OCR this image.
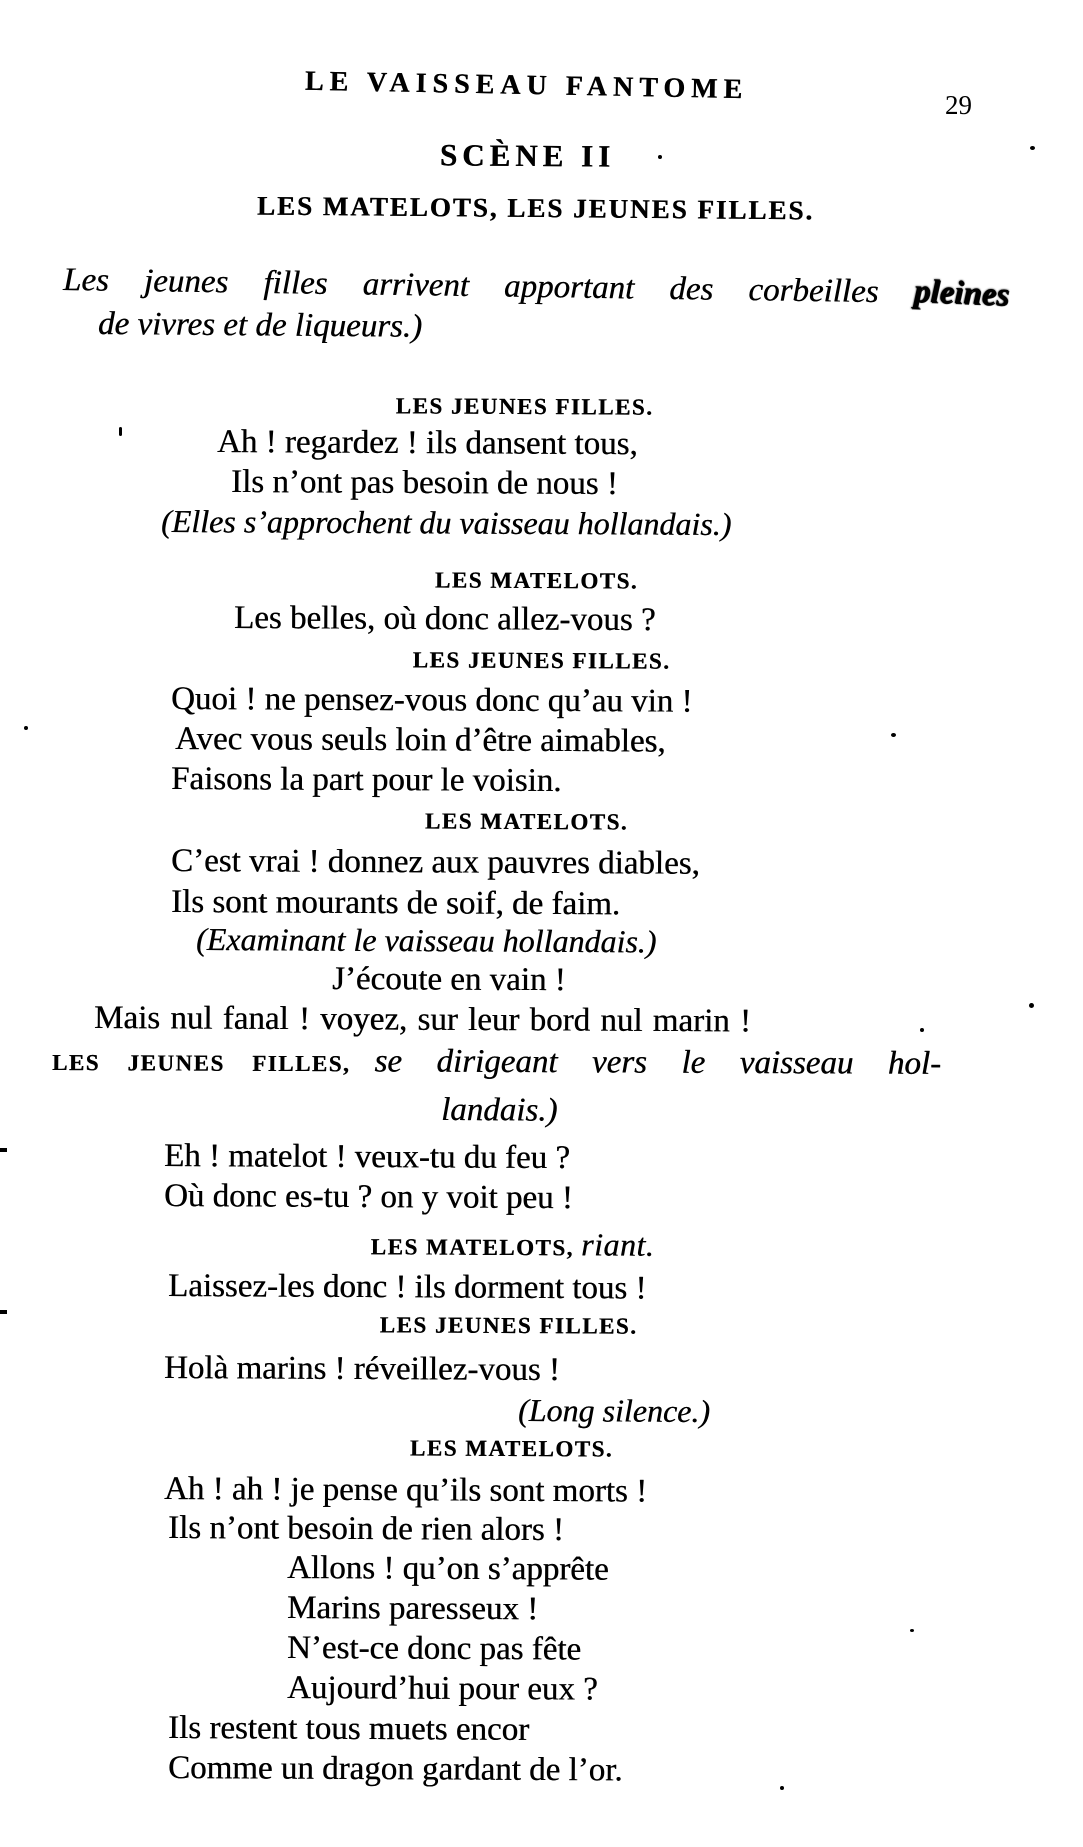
LE VAISSEAU FANTOME	29
SCÈNE II
LES MATELOTS, LES JEUNES FILLES.
Les jeunes filles arrivent apportant des corbeilles pleines
de vivres et de liqueurs.)
LES JEUNES FILLES.
Ah ! regardez ! ils dansent tous,
Ils n’ont pas besoin de nous !
(Elles s’approchent du vaisseau hollandais.)
LES MATELOTS.
Les belles, où donc allez-vous ?
LES JEUNES FILLES.
Quoi ! ne pensez-vous donc qu’au vin !
Avec vous seuls loin d’être aimables,
Faisons la part pour le voisin.
LES MATELOTS.
C’est vrai ! donnez aux pauvres diables,
Ils sont mourants de soif, de faim.
(Examinant le vaisseau hollandais.)
J’écoute en vain !
Mais nul fanal ! voyez, sur leur bord nul marin !
LES JEUNES FILLES, se dirigeant vers le vaisseau hol-
landais.)
Eh ! matelot ! veux-tu du feu ?
Où donc es-tu ? on y voit peu !
LES MATELOTS, riant.
Laissez-les donc ! ils dorment tous !
LES JEUNES FILLES.
Holà marins ! réveillez-vous !
(Long silence.)
LES MATELOTS.
Ah ! ah ! je pense qu’ils sont morts !
Ils n’ont besoin de rien alors !
Allons ! qu’on s’apprête
Marins paresseux !
N’est-ce donc pas fête
Aujourd’hui pour eux ?
Ils restent tous muets encor
Comme un dragon gardant de l’or.
